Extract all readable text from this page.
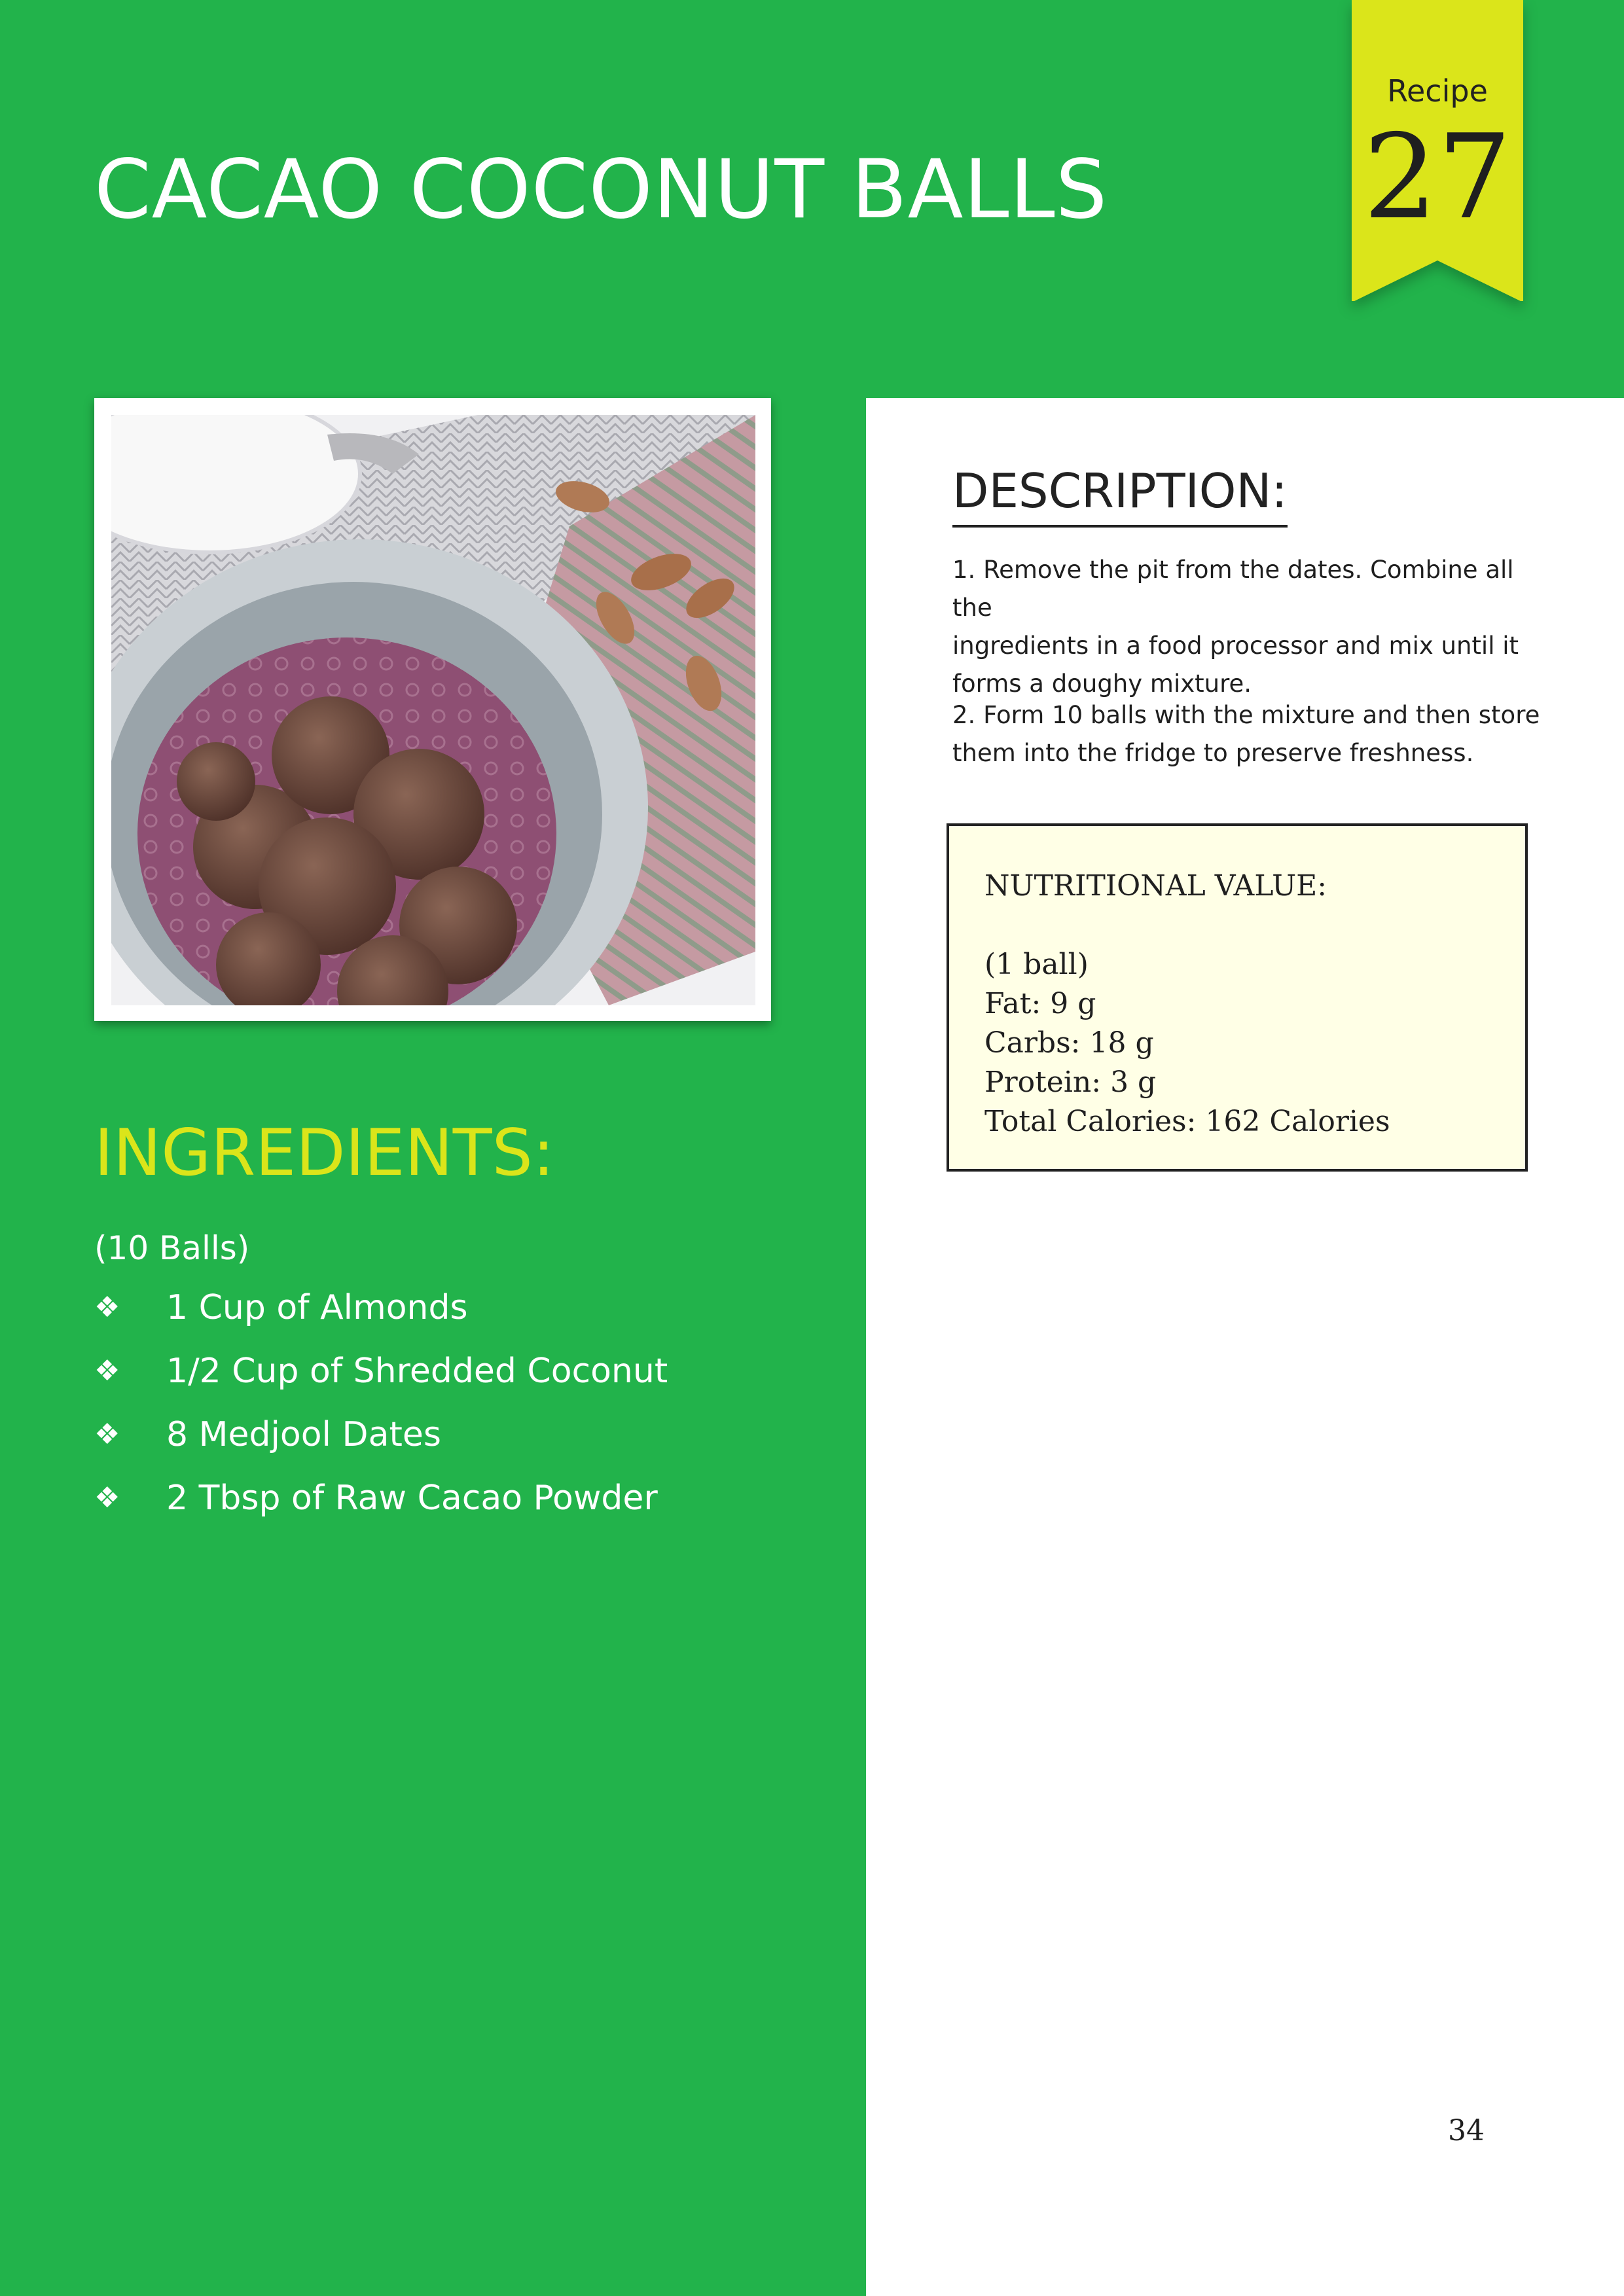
CACAO COCONUT BALLS
Recipe
27
INGREDIENTS:
(10 Balls)
❖ 1 Cup of Almonds
❖ 1/2 Cup of Shredded Coconut
❖ 8 Medjool Dates
❖ 2 Tbsp of Raw Cacao Powder
DESCRIPTION:
1. Remove the pit from the dates. Combine all the
ingredients in a food processor and mix until it
forms a doughy mixture.
2. Form 10 balls with the mixture and then store
them into the fridge to preserve freshness.
NUTRITIONAL VALUE:
(1 ball)
Fat: 9 g
Carbs: 18 g
Protein: 3 g
Total Calories: 162 Calories
34
